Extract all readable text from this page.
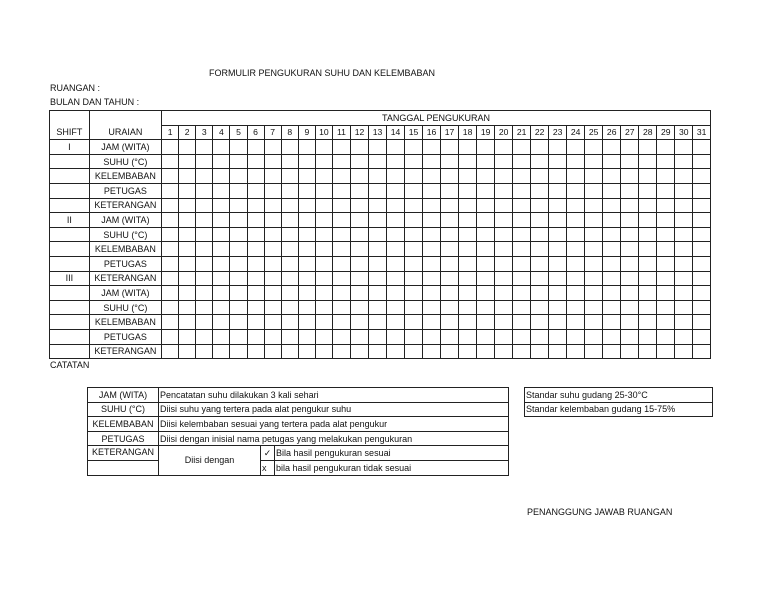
FORMULIR PENGUKURAN SUHU DAN KELEMBABAN
RUANGAN :
BULAN DAN TAHUN :
		TANGGAL PENGUKURAN																														
SHIFT	URAIAN	1	2	3	4	5	6	7	8	9	10	11	12	13	14	15	16	17	18	19	20	21	22	23	24	25	26	27	28	29	30	31
I	JAM (WITA)																															
	SUHU (°C)																															
	KELEMBABAN																															
	PETUGAS																															
	KETERANGAN																															
II	JAM (WITA)																															
	SUHU (°C)																															
	KELEMBABAN																															
	PETUGAS																															
III	KETERANGAN																															
	JAM (WITA)																															
	SUHU (°C)																															
	KELEMBABAN																															
	PETUGAS																															
	KETERANGAN																															
CATATAN
JAM (WITA)	Pencatatan suhu dilakukan 3 kali sehari		
SUHU (°C)	Diisi suhu yang tertera pada alat pengukur suhu		
KELEMBABAN	Diisi kelembaban sesuai yang tertera pada alat pengukur		
PETUGAS	Diisi dengan inisial nama petugas yang melakukan pengukuran		
KETERANGAN	Diisi dengan	✓	Bila hasil pengukuran sesuai
		x	bila hasil pengukuran tidak sesuai
Standar suhu gudang 25-30°C
Standar kelembaban gudang 15-75%
PENANGGUNG JAWAB RUANGAN
